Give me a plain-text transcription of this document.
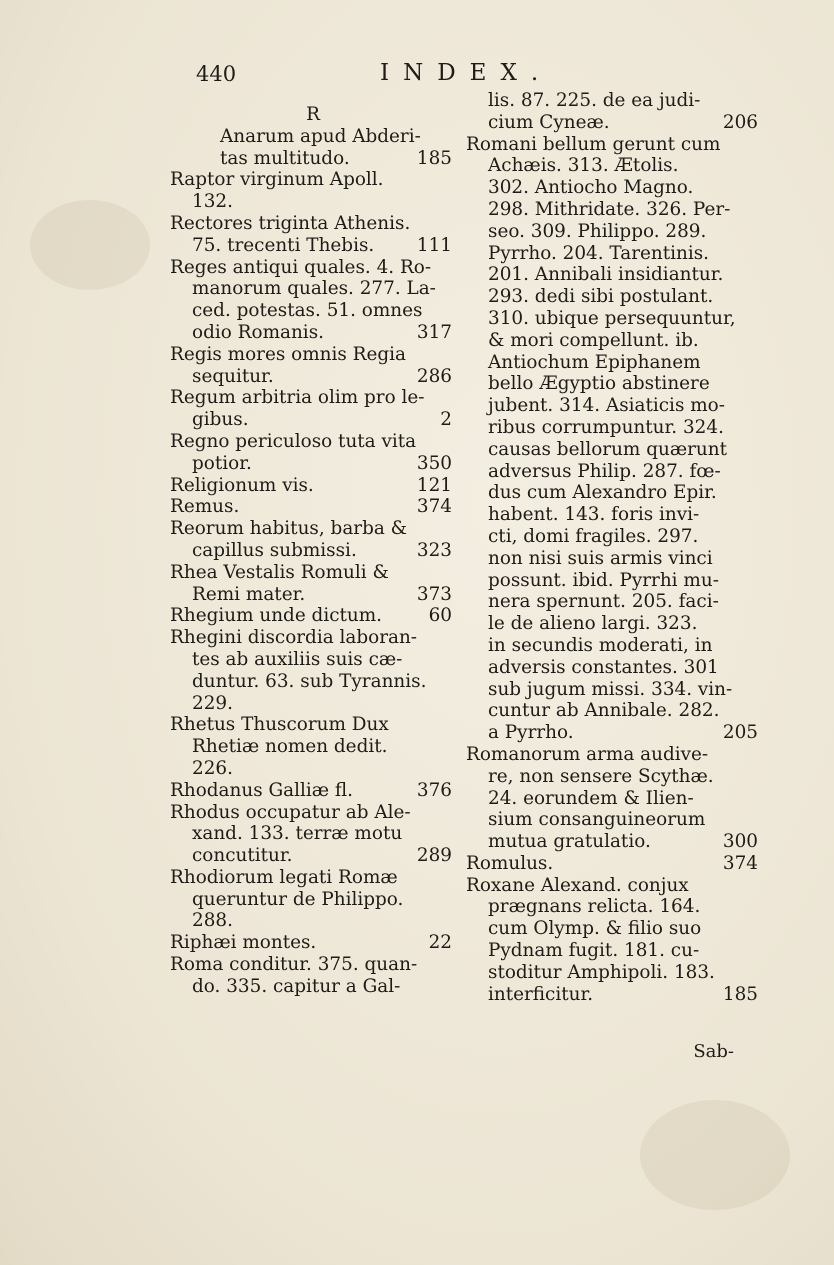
440	INDEX.
R
Anarum apud Abderi-
tas multitudo.	185
Raptor virginum Apoll.
132.
Rectores triginta Athenis.
75. trecenti Thebis. 111
Reges antiqui quales. 4. Ro-
manorum quales. 277. La-
ced. potestas. 51. omnes
odio Romanis.	317
Regis mores omnis Regia
sequitur.	286
Regum arbitria olim pro le-
gibus.	2
Regno periculoso tuta vita
potior.	350
Religionum vis.	121
Remus.	374
Reorum habitus, barba &
capillus submissi.	323
Rhea Vestalis Romuli &
Remi mater.	373
Rhegium unde dictum.	60
Rhegini discordia laboran-
tes ab auxiliis suis cæ-
duntur. 63. sub Tyrannis.
229.
Rhetus Thuscorum Dux
Rhetiæ nomen dedit.
226.
Rhodanus Galliæ fl.	376
Rhodus occupatur ab Ale-
xand. 133. terræ motu
concutitur.	289
Rhodiorum legati Romæ
queruntur de Philippo.
288.
Riphæi montes.	22
Roma conditur. 375. quan-
do. 335. capitur a Gal-
lis. 87. 225. de ea judi-
cium Cyneæ.	206
Romani bellum gerunt cum
Achæis. 313. Ætolis.
302. Antiocho Magno.
298. Mithridate. 326. Per-
seo. 309. Philippo. 289.
Pyrrho. 204. Tarentinis.
201. Annibali insidiantur.
293. dedi sibi postulant.
310. ubique persequuntur,
& mori compellunt. ib.
Antiochum Epiphanem
bello Ægyptio abstinere
jubent. 314. Asiaticis mo-
ribus corrumpuntur. 324.
causas bellorum quærunt
adversus Philip. 287. fœ-
dus cum Alexandro Epir.
habent. 143. foris invi-
cti, domi fragiles. 297.
non nisi suis armis vinci
possunt. ibid. Pyrrhi mu-
nera spernunt. 205. faci-
le de alieno largi. 323.
in secundis moderati, in
adversis constantes. 301
sub jugum missi. 334. vin-
cuntur ab Annibale. 282.
a Pyrrho.	205
Romanorum arma audive-
re, non sensere Scythæ.
24. eorundem & Ilien-
sium consanguineorum
mutua gratulatio.	300
Romulus.	374
Roxane Alexand. conjux
prægnans relicta. 164.
cum Olymp. & filio suo
Pydnam fugit. 181. cu-
stoditur Amphipoli. 183.
interficitur.	185
Sab-
